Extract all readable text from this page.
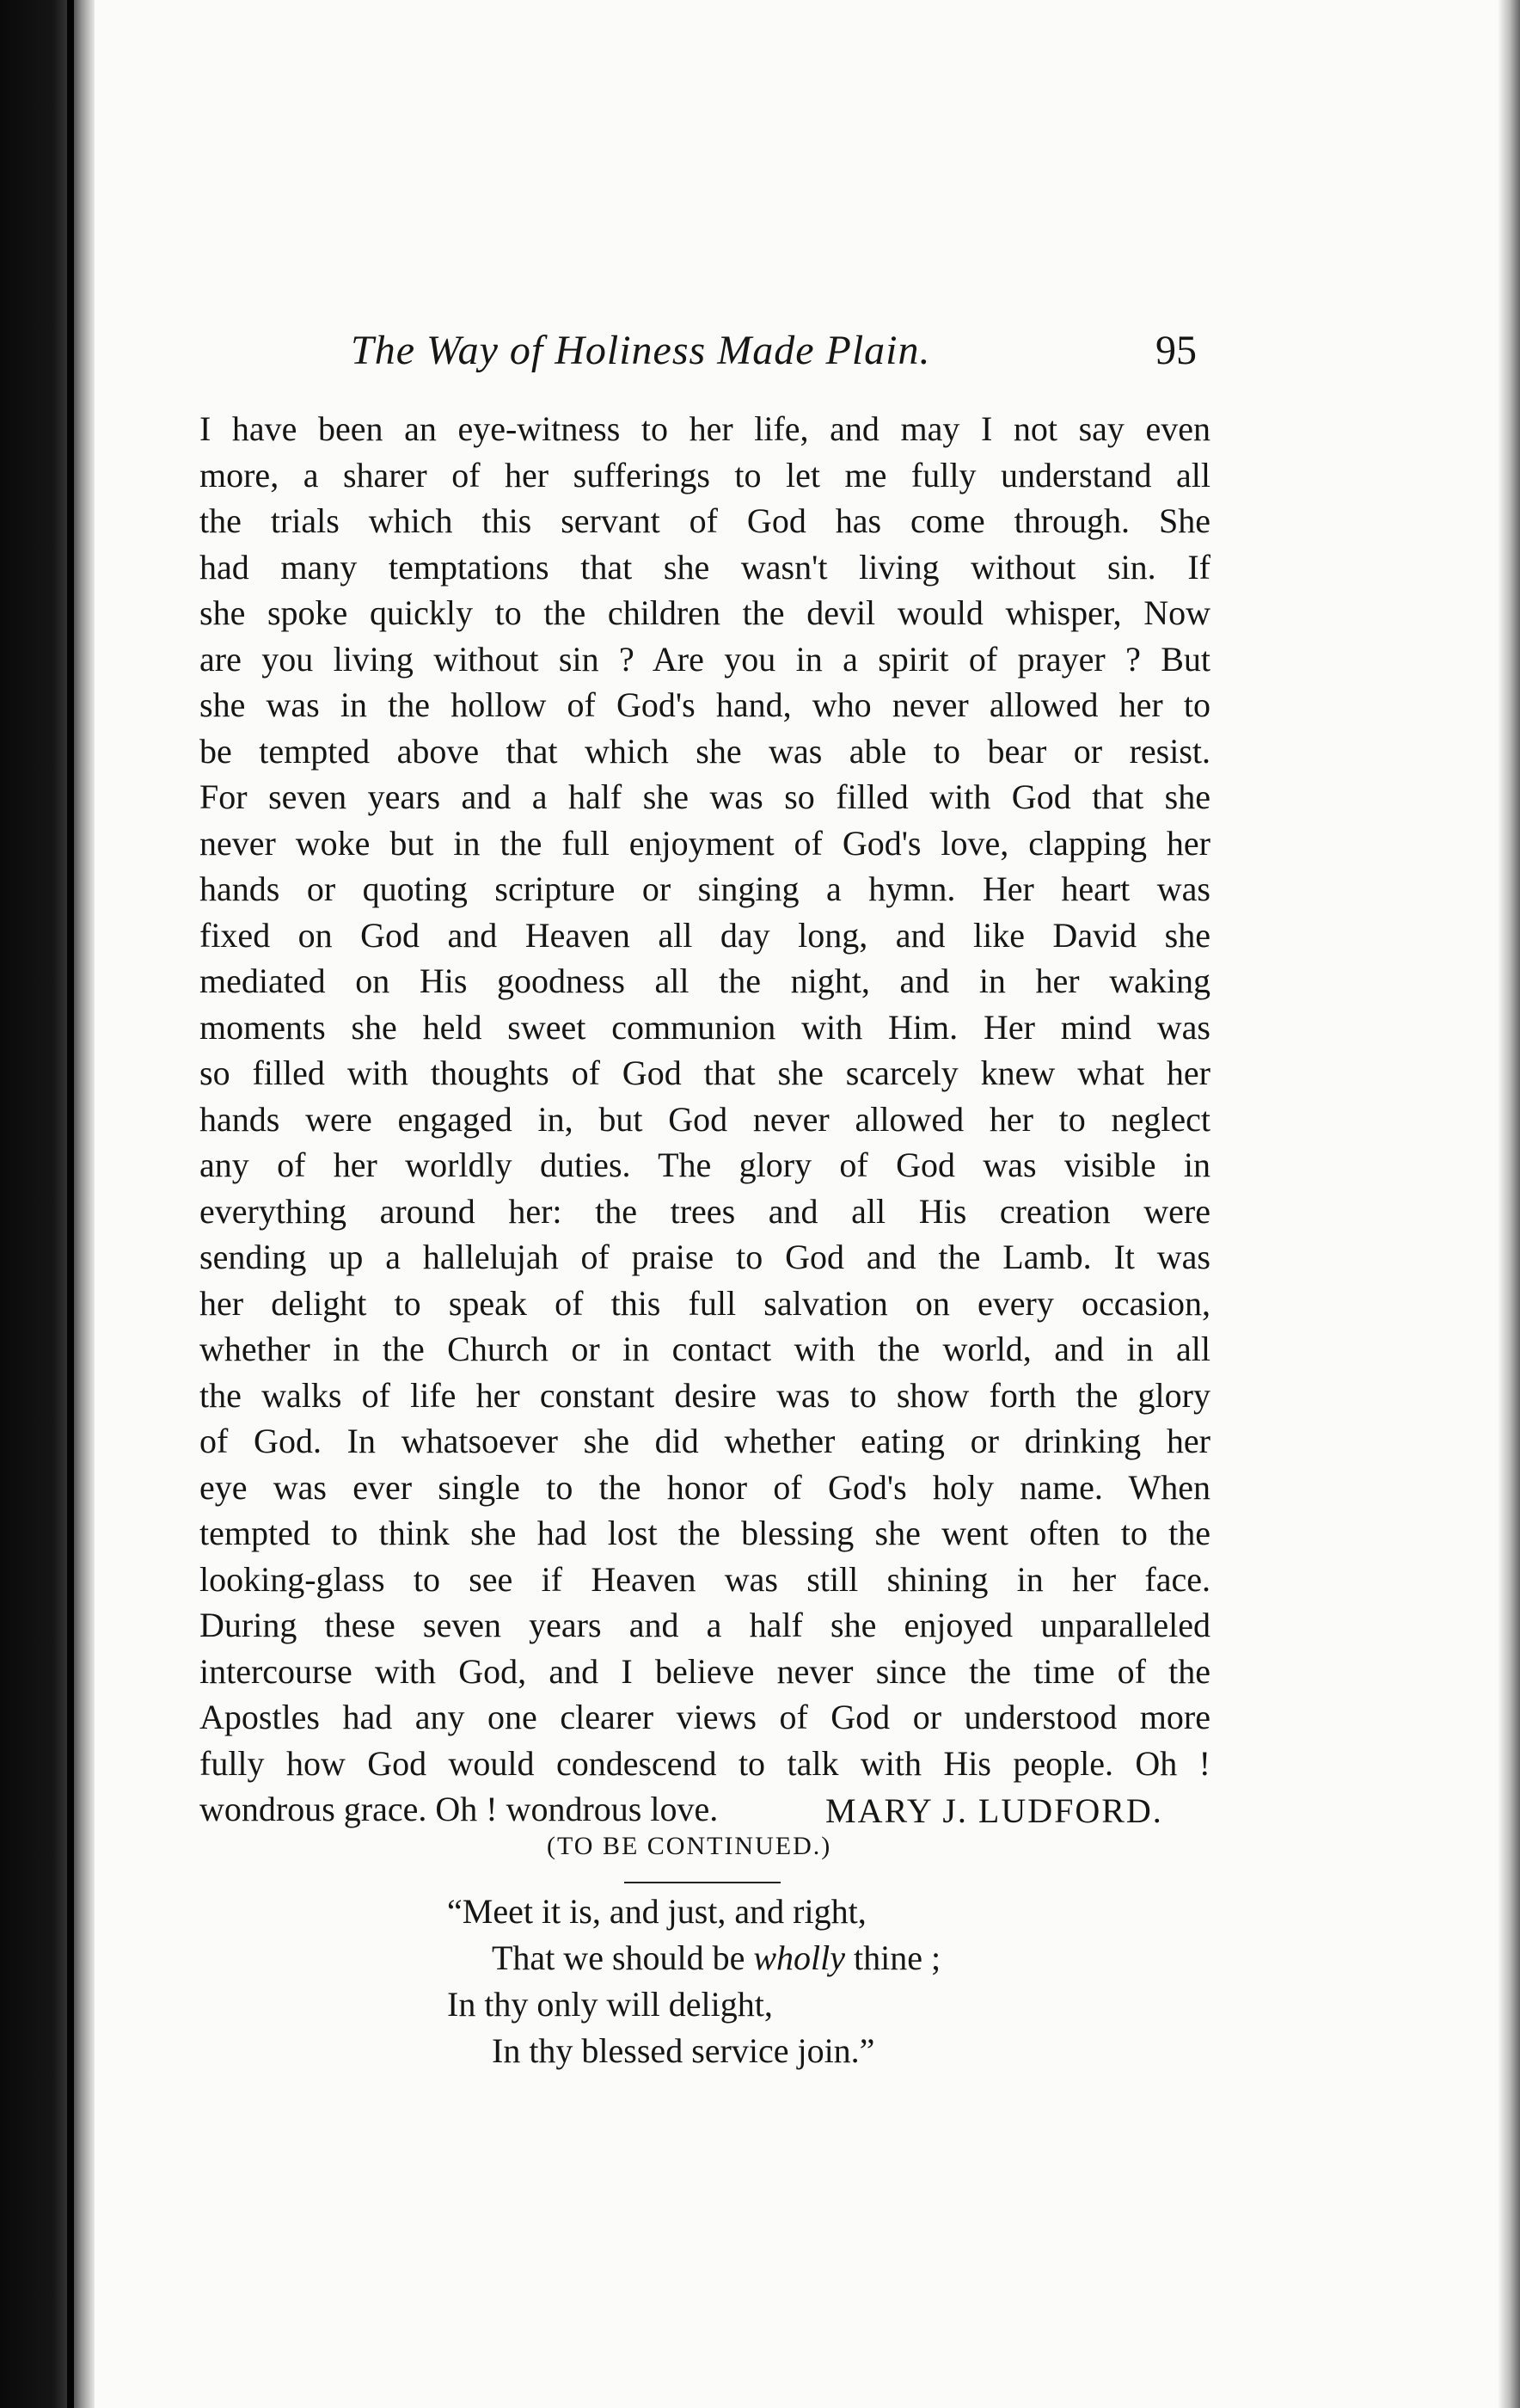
The Way of Holiness Made Plain.	95
I have been an eye-witness to her life, and may I not say even
more, a sharer of her sufferings to let me fully understand all
the trials which this servant of God has come through. She
had many temptations that she wasn't living without sin. If
she spoke quickly to the children the devil would whisper, Now
are you living without sin ? Are you in a spirit of prayer ? But
she was in the hollow of God's hand, who never allowed her to
be tempted above that which she was able to bear or resist.
For seven years and a half she was so filled with God that she
never woke but in the full enjoyment of God's love, clapping her
hands or quoting scripture or singing a hymn. Her heart was
fixed on God and Heaven all day long, and like David she
mediated on His goodness all the night, and in her waking
moments she held sweet communion with Him. Her mind was
so filled with thoughts of God that she scarcely knew what her
hands were engaged in, but God never allowed her to neglect
any of her worldly duties. The glory of God was visible in
everything around her: the trees and all His creation were
sending up a hallelujah of praise to God and the Lamb. It was
her delight to speak of this full salvation on every occasion,
whether in the Church or in contact with the world, and in all
the walks of life her constant desire was to show forth the glory
of God. In whatsoever she did whether eating or drinking her
eye was ever single to the honor of God's holy name. When
tempted to think she had lost the blessing she went often to the
looking-glass to see if Heaven was still shining in her face.
During these seven years and a half she enjoyed unparalleled
intercourse with God, and I believe never since the time of the
Apostles had any one clearer views of God or understood more
fully how God would condescend to talk with His people. Oh !
wondrous grace. Oh ! wondrous love.	MARY J. LUDFORD.
(TO BE CONTINUED.)
“Meet it is, and just, and right,
That we should be wholly thine ;
In thy only will delight,
In thy blessed service join.”
